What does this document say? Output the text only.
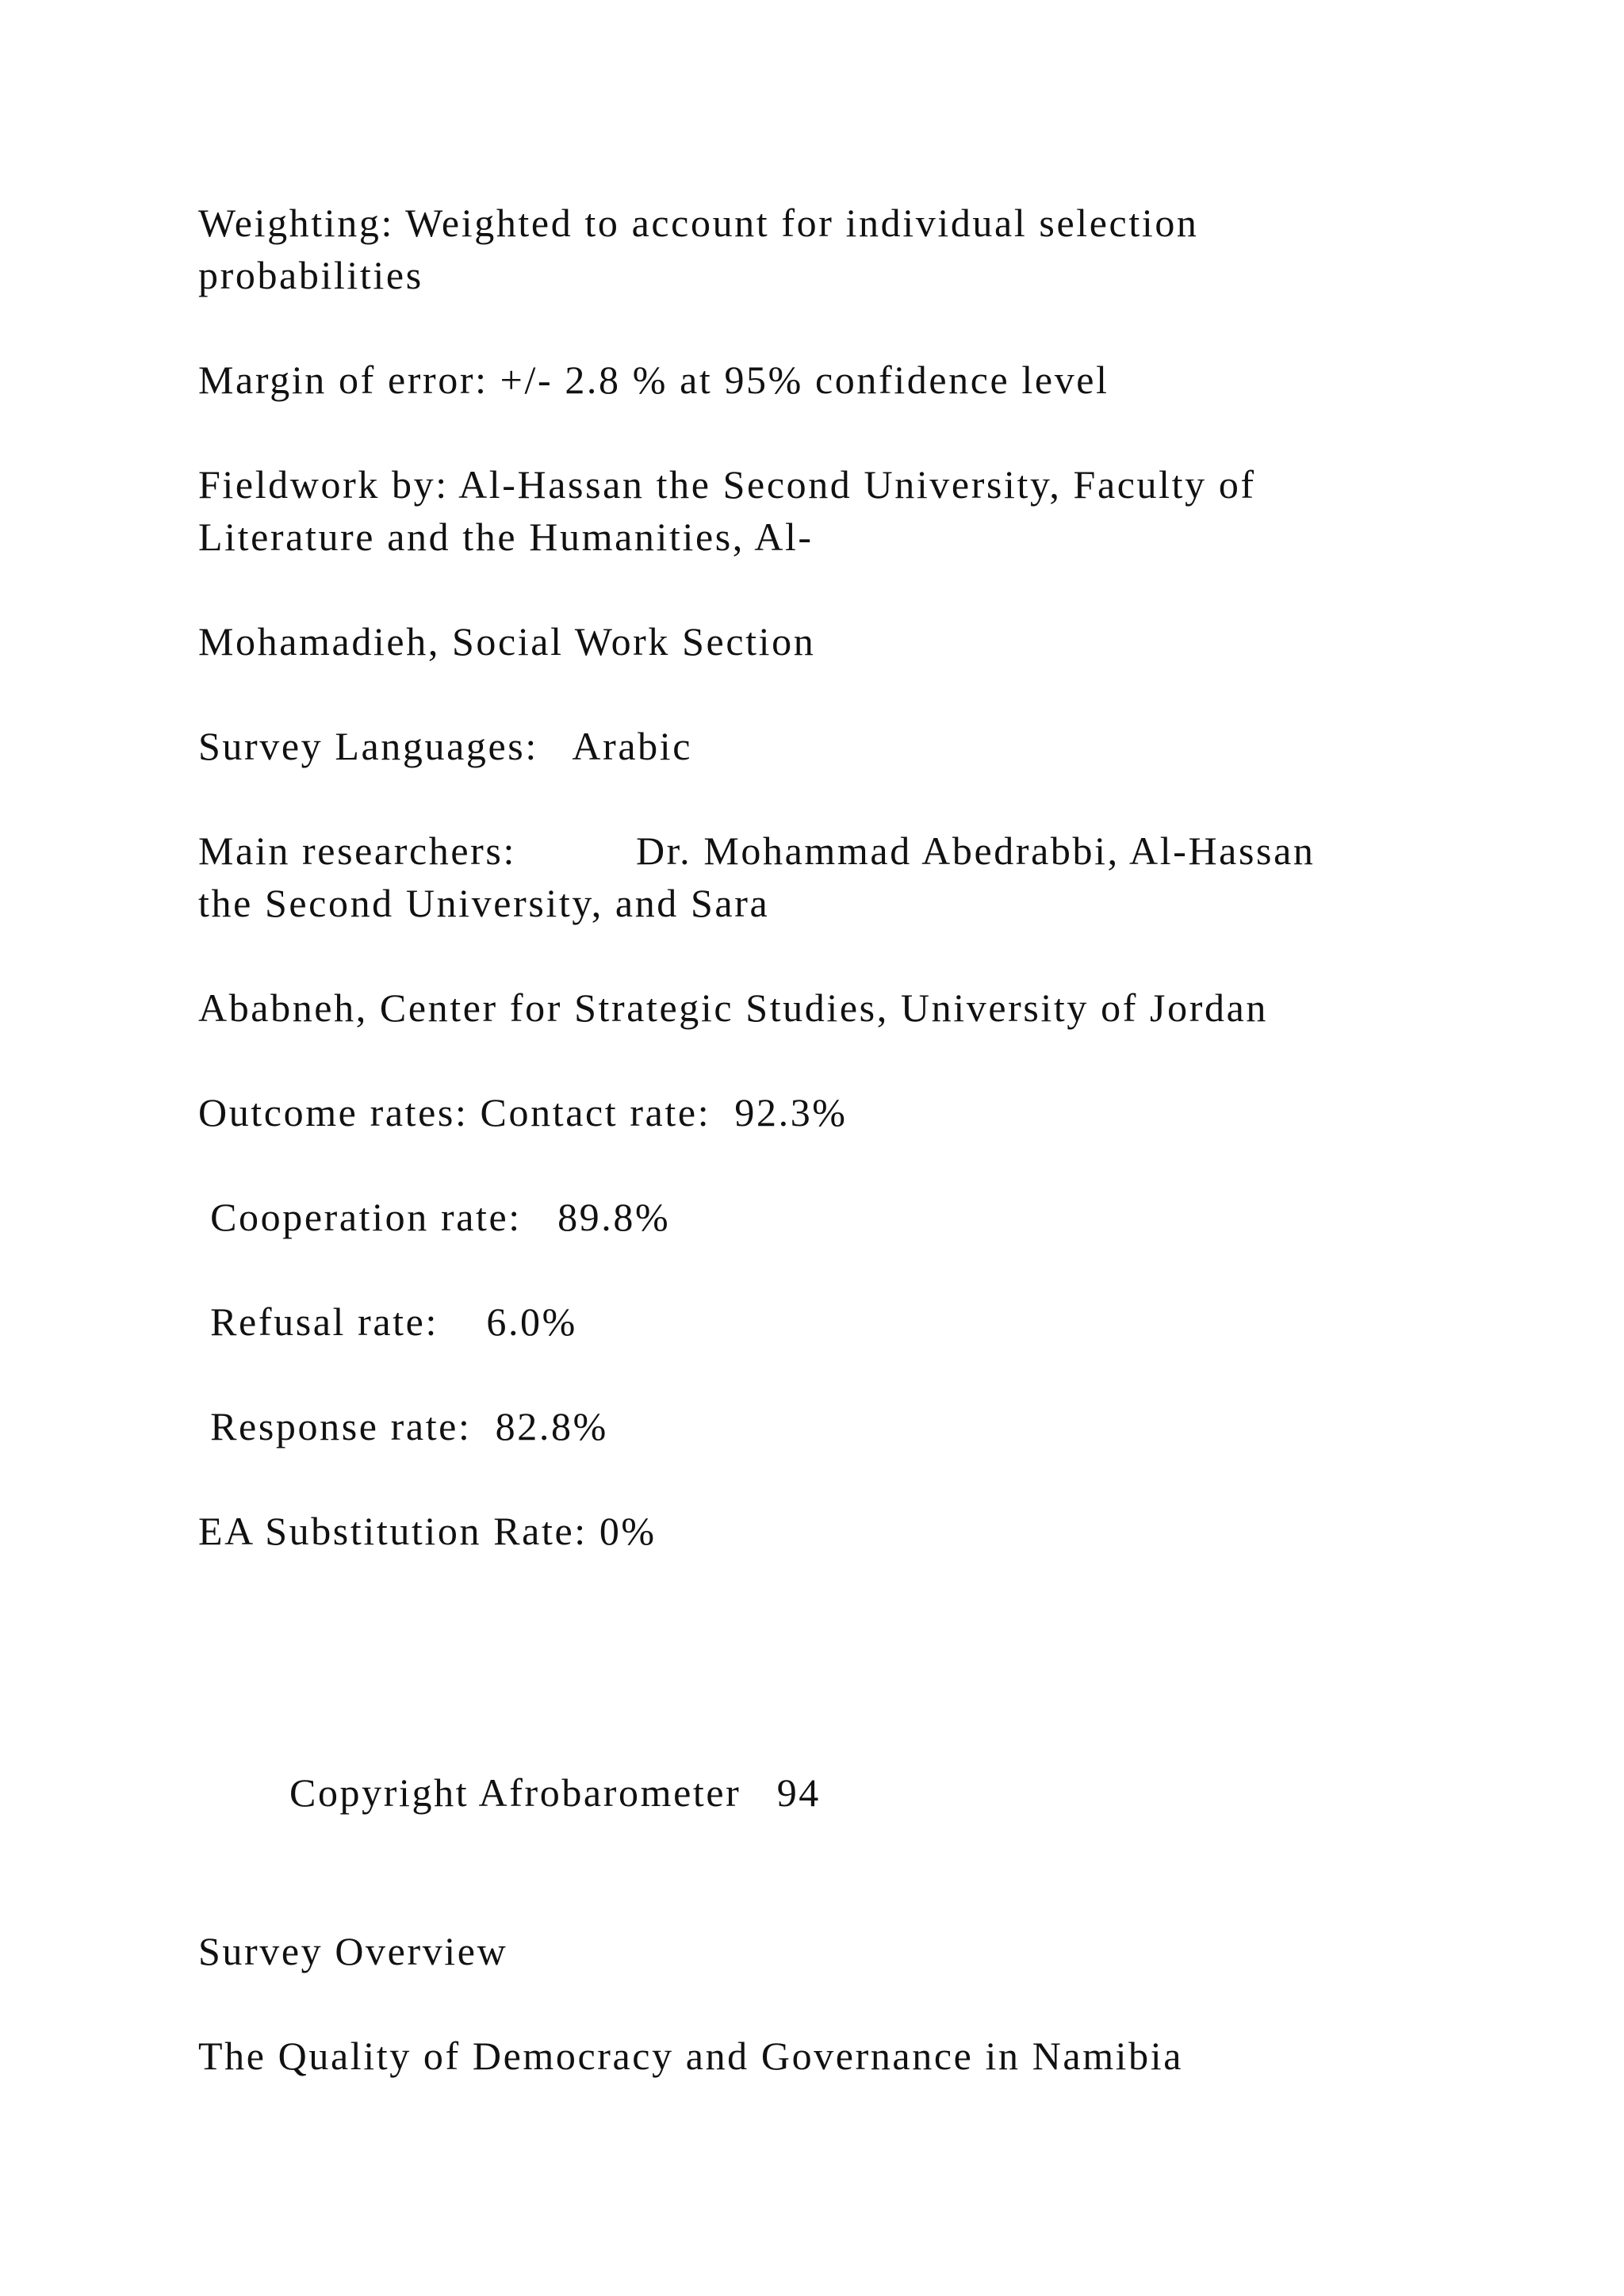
Weighting: Weighted to account for individual selection
probabilities

Margin of error: +/- 2.8 % at 95% confidence level

Fieldwork by: Al-Hassan the Second University, Faculty of
Literature and the Humanities, Al-

Mohamadieh, Social Work Section

Survey Languages:   Arabic

Main researchers:          Dr. Mohammad Abedrabbi, Al-Hassan
the Second University, and Sara

Ababneh, Center for Strategic Studies, University of Jordan

Outcome rates: Contact rate:  92.3%

Cooperation rate:   89.8%

Refusal rate:    6.0%

Response rate:  82.8%

EA Substitution Rate: 0%

Copyright Afrobarometer   94

Survey Overview

The Quality of Democracy and Governance in Namibia
